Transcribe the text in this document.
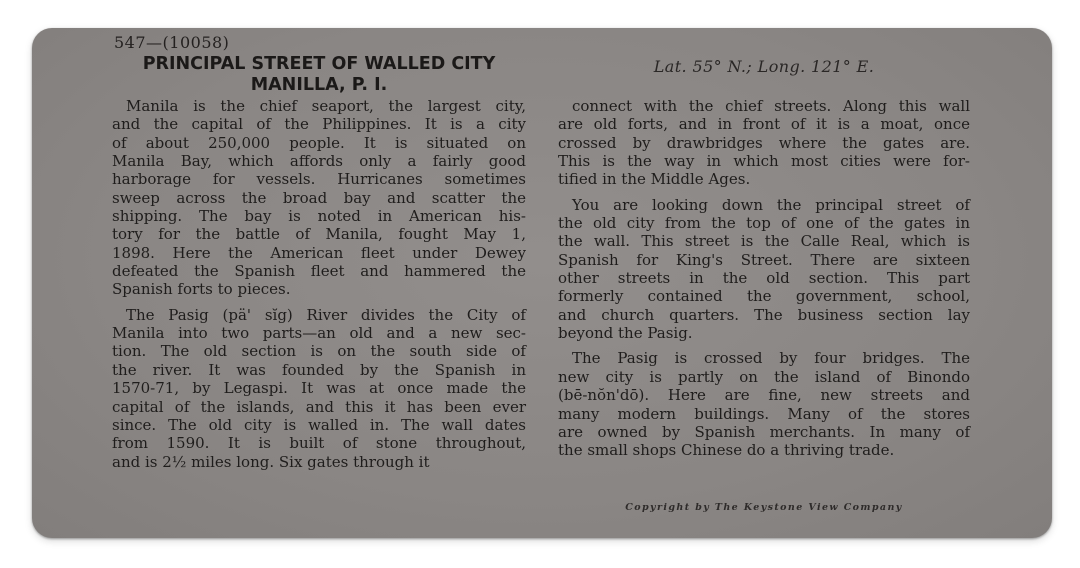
547—(10058)
PRINCIPAL STREET OF WALLED CITY
MANILLA, P. I.
Lat. 55° N.; Long. 121° E.
Manila is the chief seaport, the largest city,
and the capital of the Philippines. It is a city
of about 250,000 people. It is situated on
Manila Bay, which affords only a fairly good
harborage for vessels. Hurricanes sometimes
sweep across the broad bay and scatter the
shipping. The bay is noted in American his-
tory for the battle of Manila, fought May 1,
1898. Here the American fleet under Dewey
defeated the Spanish fleet and hammered the
Spanish forts to pieces.
The Pasig (pä' sĭg) River divides the City of
Manila into two parts—an old and a new sec-
tion. The old section is on the south side of
the river. It was founded by the Spanish in
1570-71, by Legaspi. It was at once made the
capital of the islands, and this it has been ever
since. The old city is walled in. The wall dates
from 1590. It is built of stone throughout,
and is 2½ miles long. Six gates through it
connect with the chief streets. Along this wall
are old forts, and in front of it is a moat, once
crossed by drawbridges where the gates are.
This is the way in which most cities were for-
tified in the Middle Ages.
You are looking down the principal street of
the old city from the top of one of the gates in
the wall. This street is the Calle Real, which is
Spanish for King's Street. There are sixteen
other streets in the old section. This part
formerly contained the government, school,
and church quarters. The business section lay
beyond the Pasig.
The Pasig is crossed by four bridges. The
new city is partly on the island of Binondo
(bē-nŏn'dō). Here are fine, new streets and
many modern buildings. Many of the stores
are owned by Spanish merchants. In many of
the small shops Chinese do a thriving trade.
Copyright by The Keystone View Company
